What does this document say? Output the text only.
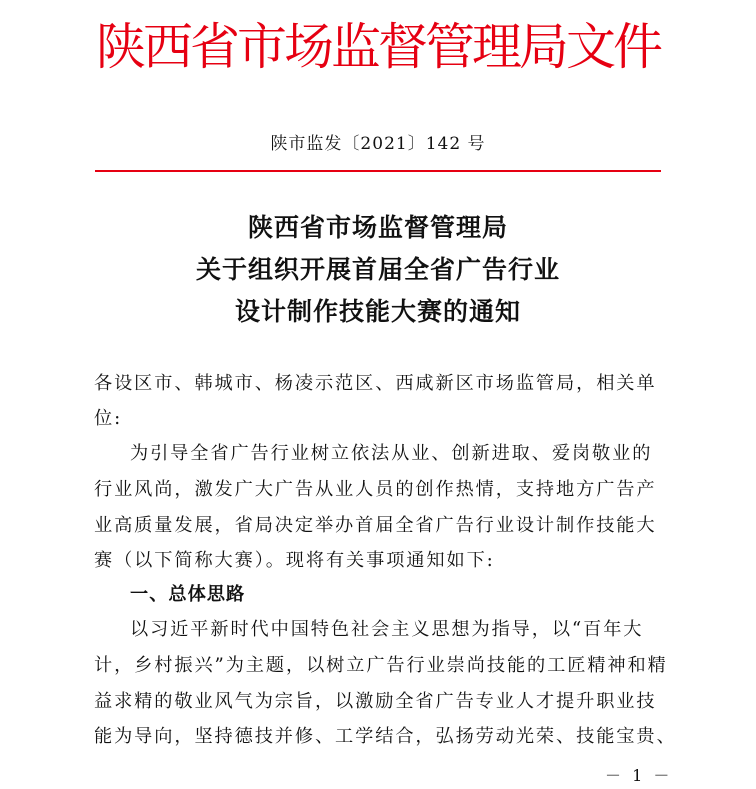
陕西省市场监督管理局文件
陕市监发〔2021〕142 号
陕西省市场监督管理局
关于组织开展首届全省广告行业
设计制作技能大赛的通知
各设区市、韩城市、杨凌示范区、西咸新区市场监管局，相关单
位:
为引导全省广告行业树立依法从业、创新进取、爱岗敬业的
行业风尚，激发广大广告从业人员的创作热情，支持地方广告产
业高质量发展，省局决定举办首届全省广告行业设计制作技能大
赛（以下简称大赛）。现将有关事项通知如下:
一、总体思路
以习近平新时代中国特色社会主义思想为指导，以“百年大
计，乡村振兴”为主题，以树立广告行业崇尚技能的工匠精神和精
益求精的敬业风气为宗旨，以激励全省广告专业人才提升职业技
能为导向，坚持德技并修、工学结合，弘扬劳动光荣、技能宝贵、
－ 1 －
